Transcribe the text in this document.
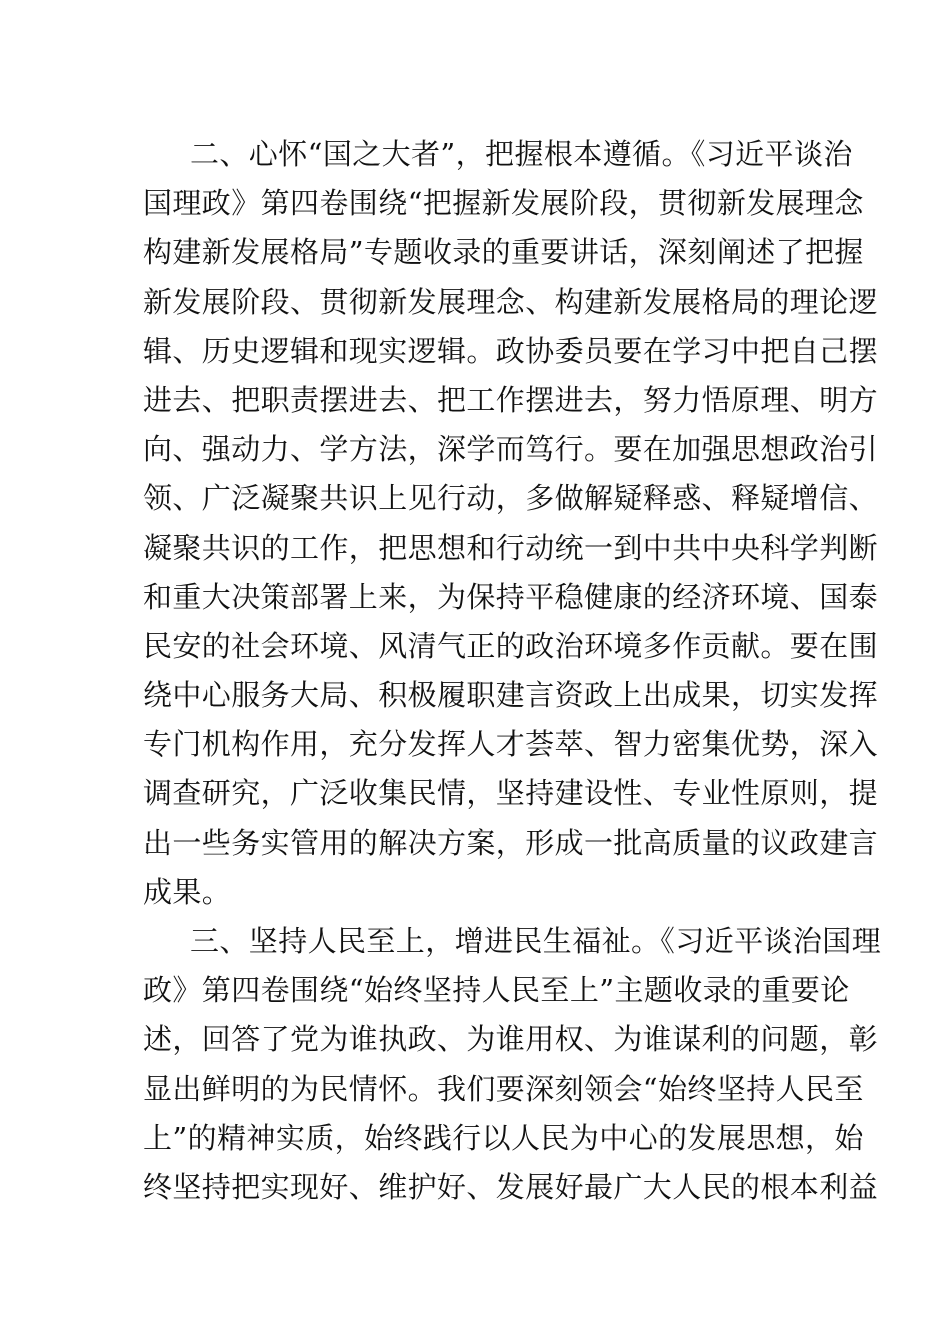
二、心怀“国之大者”，把握根本遵循。《习近平谈治
国理政》第四卷围绕“把握新发展阶段，贯彻新发展理念
构建新发展格局”专题收录的重要讲话，深刻阐述了把握
新发展阶段、贯彻新发展理念、构建新发展格局的理论逻
辑、历史逻辑和现实逻辑。政协委员要在学习中把自己摆
进去、把职责摆进去、把工作摆进去，努力悟原理、明方
向、强动力、学方法，深学而笃行。要在加强思想政治引
领、广泛凝聚共识上见行动，多做解疑释惑、释疑增信、
凝聚共识的工作，把思想和行动统一到中共中央科学判断
和重大决策部署上来，为保持平稳健康的经济环境、国泰
民安的社会环境、风清气正的政治环境多作贡献。要在围
绕中心服务大局、积极履职建言资政上出成果，切实发挥
专门机构作用，充分发挥人才荟萃、智力密集优势，深入
调查研究，广泛收集民情，坚持建设性、专业性原则，提
出一些务实管用的解决方案，形成一批高质量的议政建言
成果。
三、坚持人民至上，增进民生福祉。《习近平谈治国理
政》第四卷围绕“始终坚持人民至上”主题收录的重要论
述，回答了党为谁执政、为谁用权、为谁谋利的问题，彰
显出鲜明的为民情怀。我们要深刻领会“始终坚持人民至
上”的精神实质，始终践行以人民为中心的发展思想，始
终坚持把实现好、维护好、发展好最广大人民的根本利益
